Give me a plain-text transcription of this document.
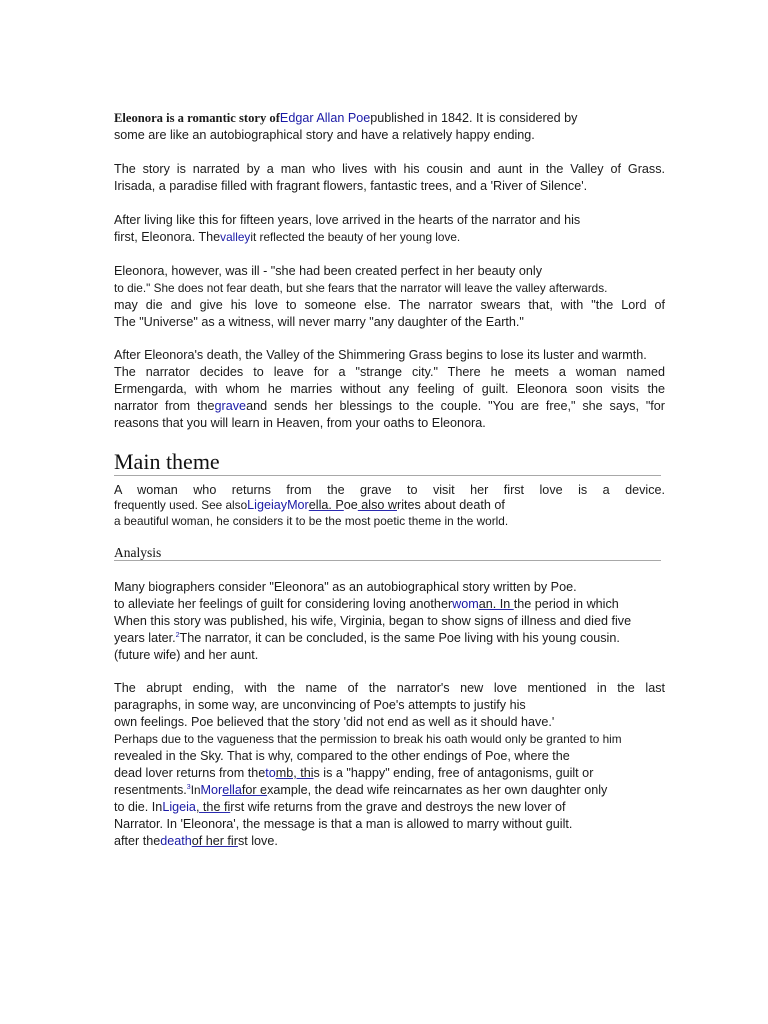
Eleonora is a romantic story ofEdgar Allan Poepublished in 1842. It is considered by
some are like an autobiographical story and have a relatively happy ending.
The story is narrated by a man who lives with his cousin and aunt in the Valley of Grass.
Irisada, a paradise filled with fragrant flowers, fantastic trees, and a 'River of Silence'.
After living like this for fifteen years, love arrived in the hearts of the narrator and his
first, Eleonora. Thevalleyit reflected the beauty of her young love.
Eleonora, however, was ill - "she had been created perfect in her beauty only
to die." She does not fear death, but she fears that the narrator will leave the valley afterwards.
may die and give his love to someone else. The narrator swears that, with "the Lord of
The "Universe" as a witness, will never marry "any daughter of the Earth."
After Eleonora's death, the Valley of the Shimmering Grass begins to lose its luster and warmth.
The narrator decides to leave for a "strange city." There he meets a woman named
Ermengarda, with whom he marries without any feeling of guilt. Eleonora soon visits the
narrator from thegraveand sends her blessings to the couple. "You are free," she says, "for
reasons that you will learn in Heaven, from your oaths to Eleonora.
Main theme
A woman who returns from the grave to visit her first love is a device.
frequently used. See alsoLigeiayMorella. Poe also writes about death of
a beautiful woman, he considers it to be the most poetic theme in the world.
Analysis
Many biographers consider "Eleonora" as an autobiographical story written by Poe.
to alleviate her feelings of guilt for considering loving anotherwoman. In the period in which
When this story was published, his wife, Virginia, began to show signs of illness and died five
years later.$^2$The narrator, it can be concluded, is the same Poe living with his young cousin.
(future wife) and her aunt.
The abrupt ending, with the name of the narrator's new love mentioned in the last
paragraphs, in some way, are unconvincing of Poe's attempts to justify his
own feelings. Poe believed that the story 'did not end as well as it should have.'
Perhaps due to the vagueness that the permission to break his oath would only be granted to him
revealed in the Sky. That is why, compared to the other endings of Poe, where the
dead lover returns from thetomb, this is a "happy" ending, free of antagonisms, guilt or
resentments.$^3$InMorellafor example, the dead wife reincarnates as her own daughter only
to die. InLigeia, the first wife returns from the grave and destroys the new lover of
Narrator. In 'Eleonora', the message is that a man is allowed to marry without guilt.
after thedeathof her first love.
